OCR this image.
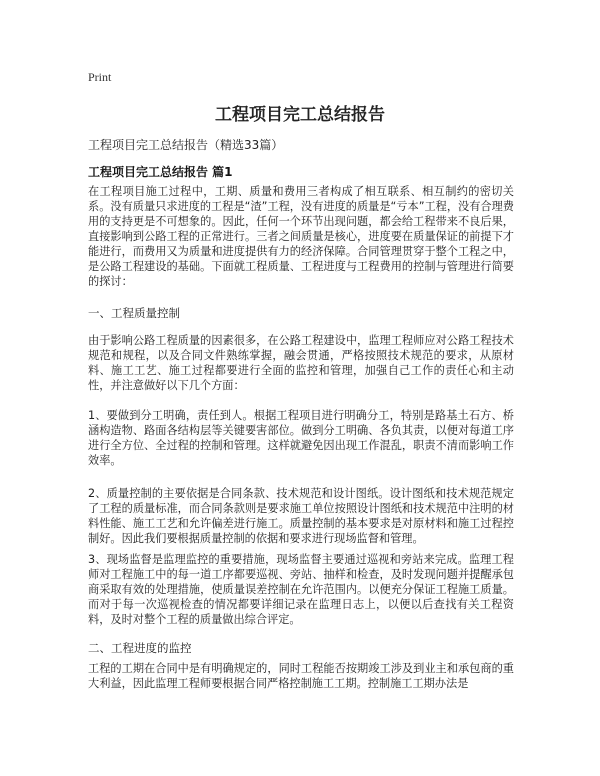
Print
工程项目完工总结报告
工程项目完工总结报告（精选33篇）
工程项目完工总结报告 篇1
在工程项目施工过程中，工期、质量和费用三者构成了相互联系、相互制约的密切关系。没有质量只求进度的工程是“渣”工程，没有进度的质量是“亏本”工程，没有合理费用的支持更是不可想象的。因此，任何一个环节出现问题，都会给工程带来不良后果，直接影响到公路工程的正常进行。三者之间质量是核心，进度要在质量保证的前提下才能进行，而费用又为质量和进度提供有力的经济保障。合同管理贯穿于整个工程之中，是公路工程建设的基础。下面就工程质量、工程进度与工程费用的控制与管理进行简要的探讨：
一、工程质量控制
由于影响公路工程质量的因素很多，在公路工程建设中，监理工程师应对公路工程技术规范和规程，以及合同文件熟练掌握，融会贯通，严格按照技术规范的要求，从原材料、施工工艺、施工过程都要进行全面的监控和管理，加强自己工作的责任心和主动性，并注意做好以下几个方面：
1、要做到分工明确，责任到人。根据工程项目进行明确分工，特别是路基土石方、桥涵构造物、路面各结构层等关键要害部位。做到分工明确、各负其责，以便对每道工序进行全方位、全过程的控制和管理。这样就避免因出现工作混乱，职责不清而影响工作效率。
2、质量控制的主要依据是合同条款、技术规范和设计图纸。设计图纸和技术规范规定了工程的质量标准，而合同条款则是要求施工单位按照设计图纸和技术规范中注明的材料性能、施工工艺和允许偏差进行施工。质量控制的基本要求是对原材料和施工过程控制好。因此我们要根据质量控制的依据和要求进行现场监督和管理。
3、现场监督是监理监控的重要措施，现场监督主要通过巡视和旁站来完成。监理工程师对工程施工中的每一道工序都要巡视、旁站、抽样和检查，及时发现问题并提醒承包商采取有效的处理措施，使质量误差控制在允许范围内。以便充分保证工程施工质量。而对于每一次巡视检查的情况都要详细记录在监理日志上，以便以后查找有关工程资料，及时对整个工程的质量做出综合评定。
二、工程进度的监控
工程的工期在合同中是有明确规定的，同时工程能否按期竣工涉及到业主和承包商的重大利益，因此监理工程师要根据合同严格控制施工工期。控制施工工期办法是
